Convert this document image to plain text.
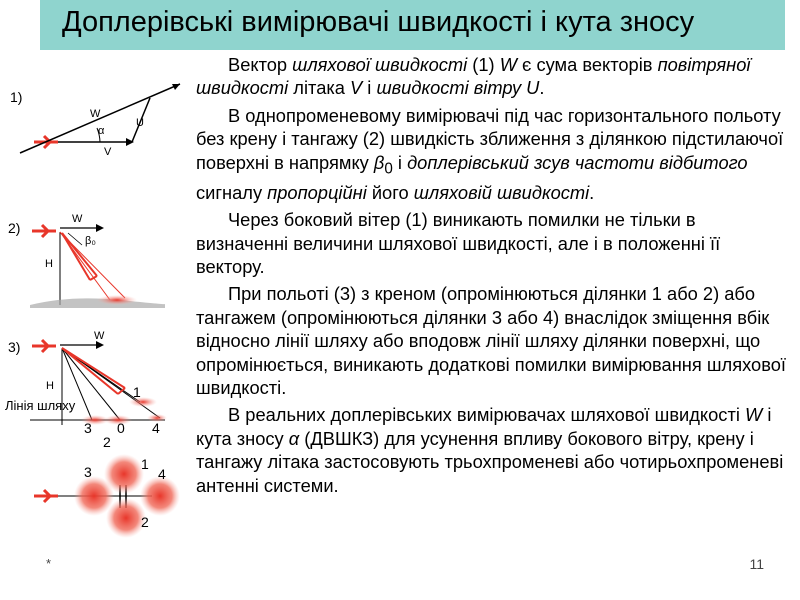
Доплерівські вимірювачі швидкості і кута зносу

Вектор шляхової швидкості (1) W є сума векторів повітряної швидкості літака V і швидкості вітру U.

В однопроменевому вимірювачі під час горизонтального польоту без крену і тангажу (2) швидкість зближення з ділянкою підстилаючої поверхні в напрямку $\beta_0$ і доплерівський зсув частоти відбитого сигналу пропорційні його шляховій швидкості.

Через боковий вітер (1) виникають помилки не тільки в визначенні величини шляхової швидкості, але і в положенні її вектору.

При польоті (3) з креном (опромінюються ділянки 1 або 2) або тангажем (опромінюються ділянки 3 або 4) внаслідок зміщення вбік відносно лінії шляху або вподовж лінії шляху ділянки поверхні, що опромінюється, виникають додаткові помилки вимірювання шляхової швидкості.

В реальних доплерівських вимірювачах шляхової швидкості W і кута зносу α (ДВШКЗ) для усунення впливу бокового вітру, крену і тангажу літака застосовують трьохпроменеві або чотирьохпроменеві антенні системи.

1)
W
U
V
α
2)
W
H
β₀
3)
W
H
Лінія шляху
1
2
3	4
0
1
2
3	4
*	11
